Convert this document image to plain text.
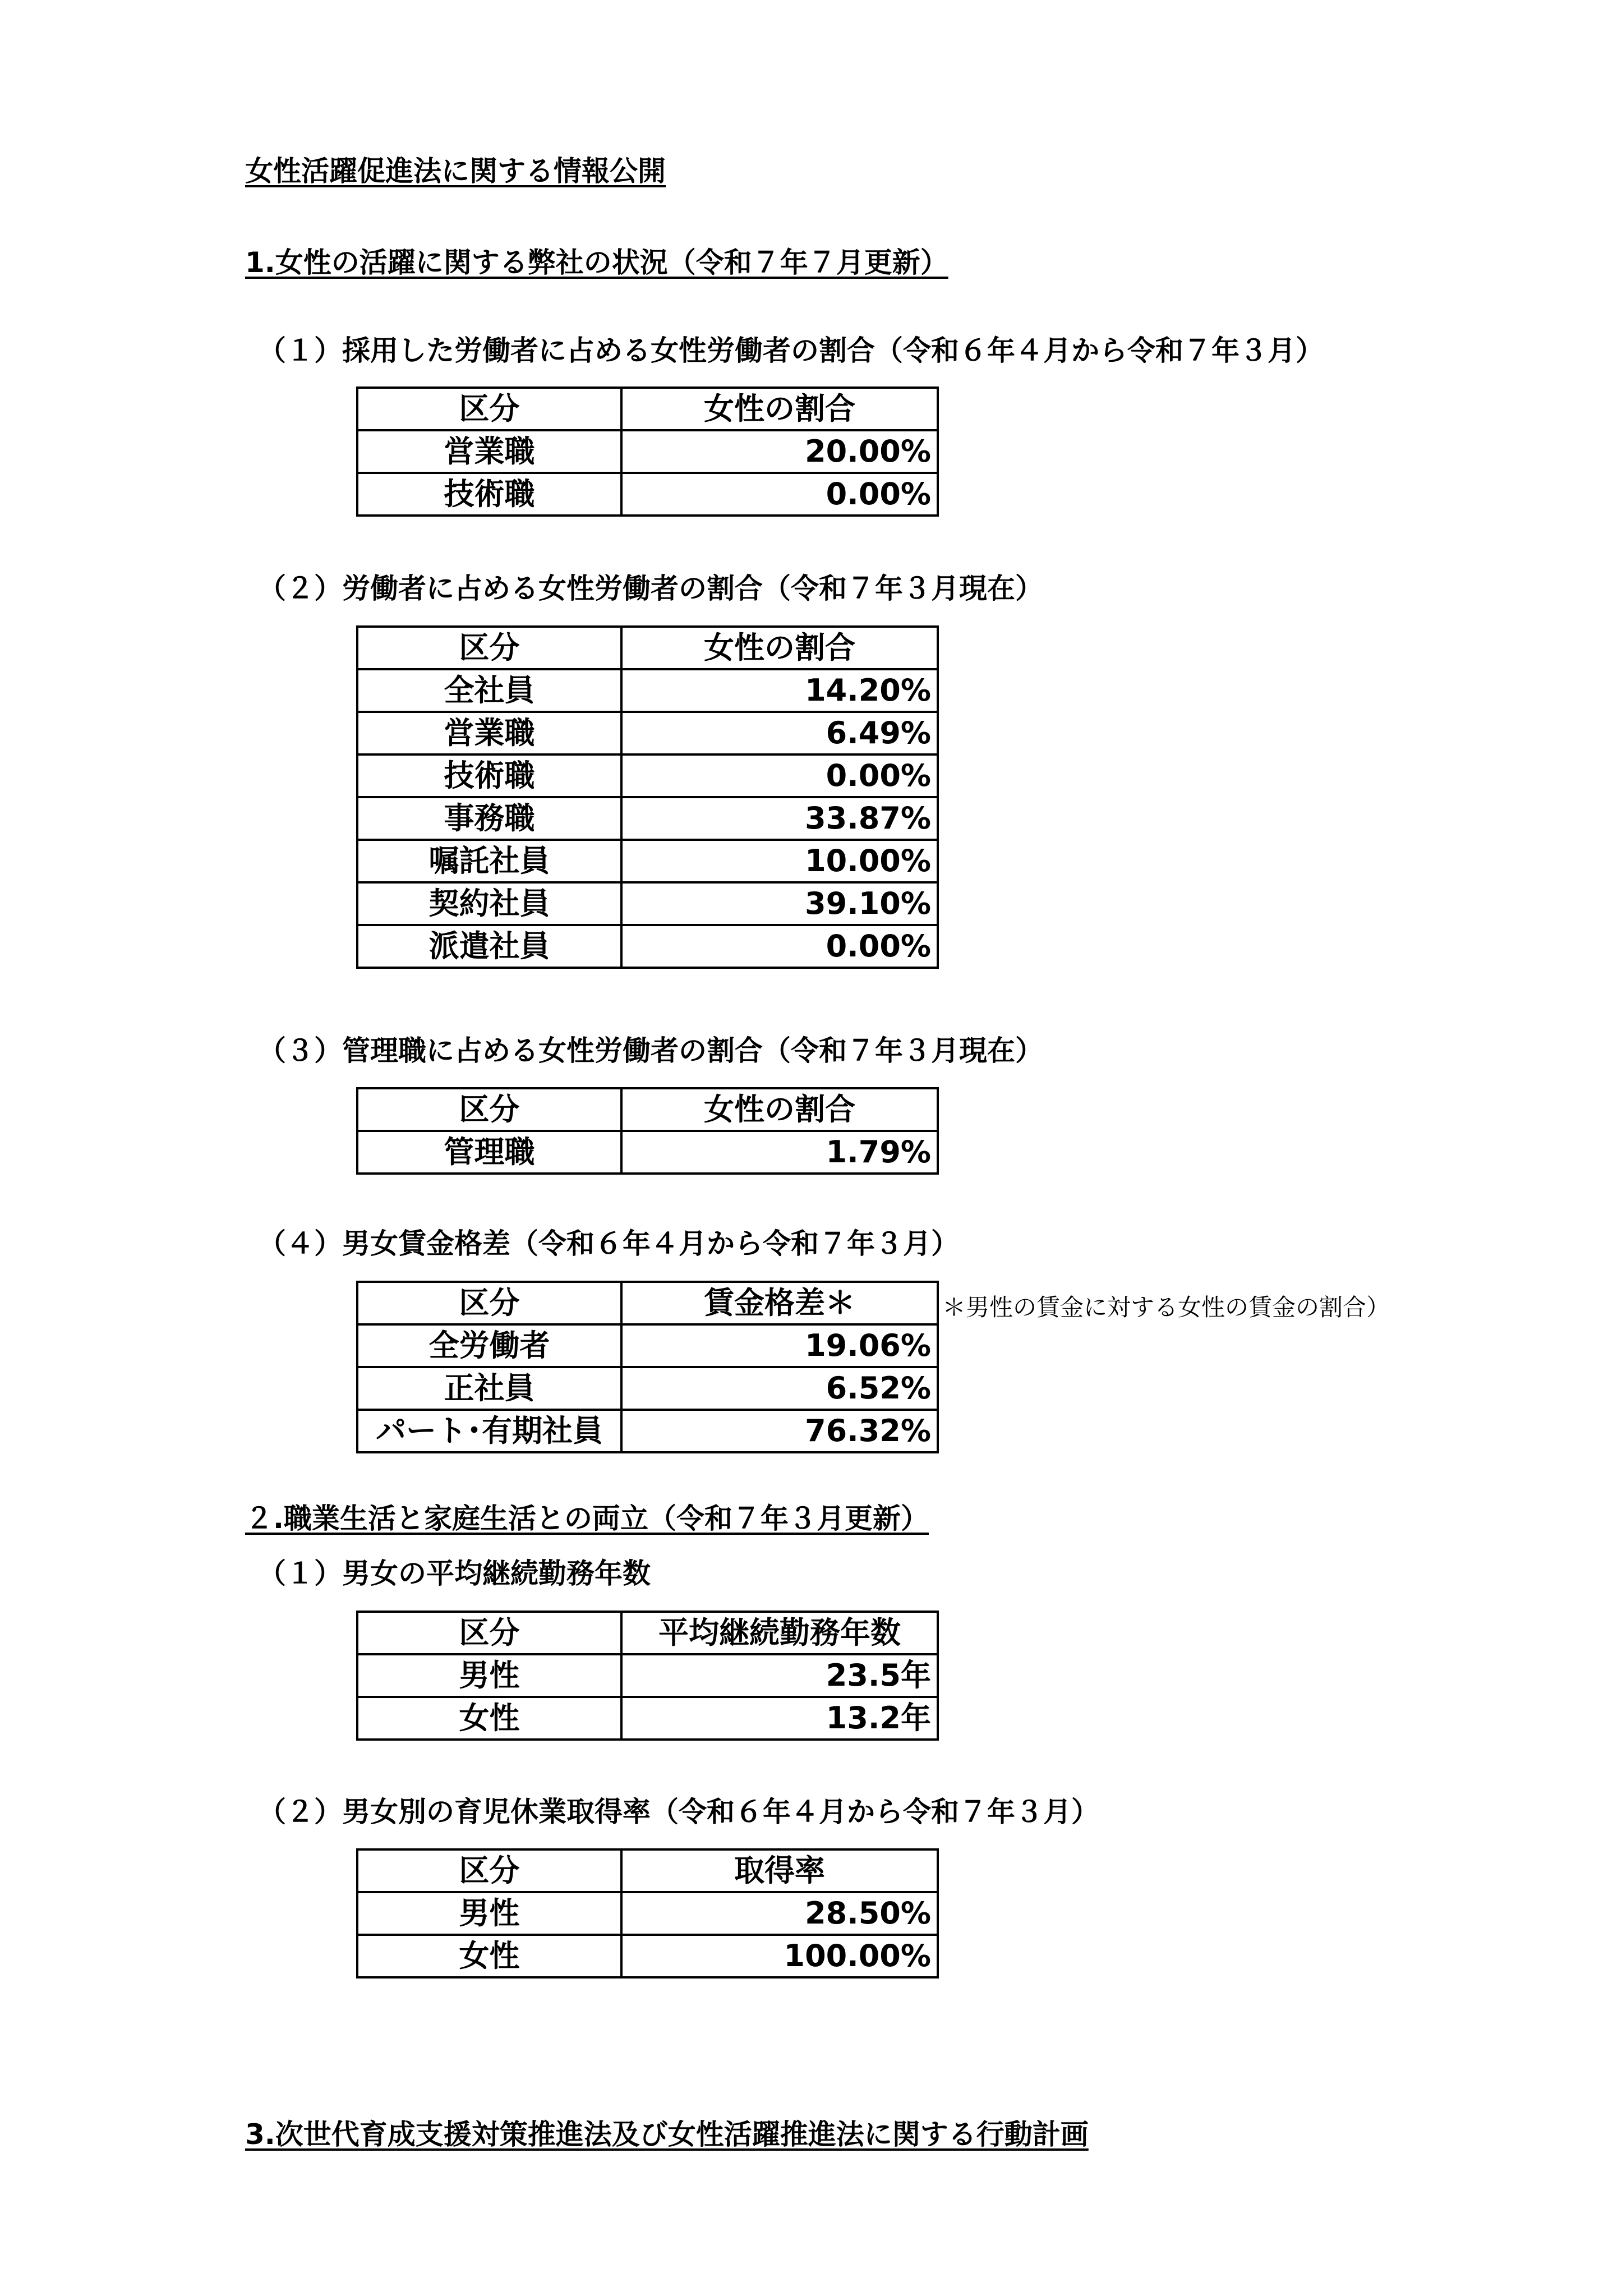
女性活躍促進法に関する情報公開
1.女性の活躍に関する弊社の状況（令和７年７月更新）
（１）採用した労働者に占める女性労働者の割合（令和６年４月から令和７年３月）
区分	女性の割合
営業職	20.00%
技術職	0.00%
（２）労働者に占める女性労働者の割合（令和７年３月現在）
区分	女性の割合
全社員	14.20%
営業職	6.49%
技術職	0.00%
事務職	33.87%
嘱託社員	10.00%
契約社員	39.10%
派遣社員	0.00%
（３）管理職に占める女性労働者の割合（令和７年３月現在）
区分	女性の割合
管理職	1.79%
（４）男女賃金格差（令和６年４月から令和７年３月）
区分	賃金格差＊
全労働者	19.06%
正社員	6.52%
パート･有期社員	76.32%
＊男性の賃金に対する女性の賃金の割合）
２.職業生活と家庭生活との両立（令和７年３月更新）
（１）男女の平均継続勤務年数
区分	平均継続勤務年数
男性	23.5年
女性	13.2年
（２）男女別の育児休業取得率（令和６年４月から令和７年３月）
区分	取得率
男性	28.50%
女性	100.00%
3.次世代育成支援対策推進法及び女性活躍推進法に関する行動計画
